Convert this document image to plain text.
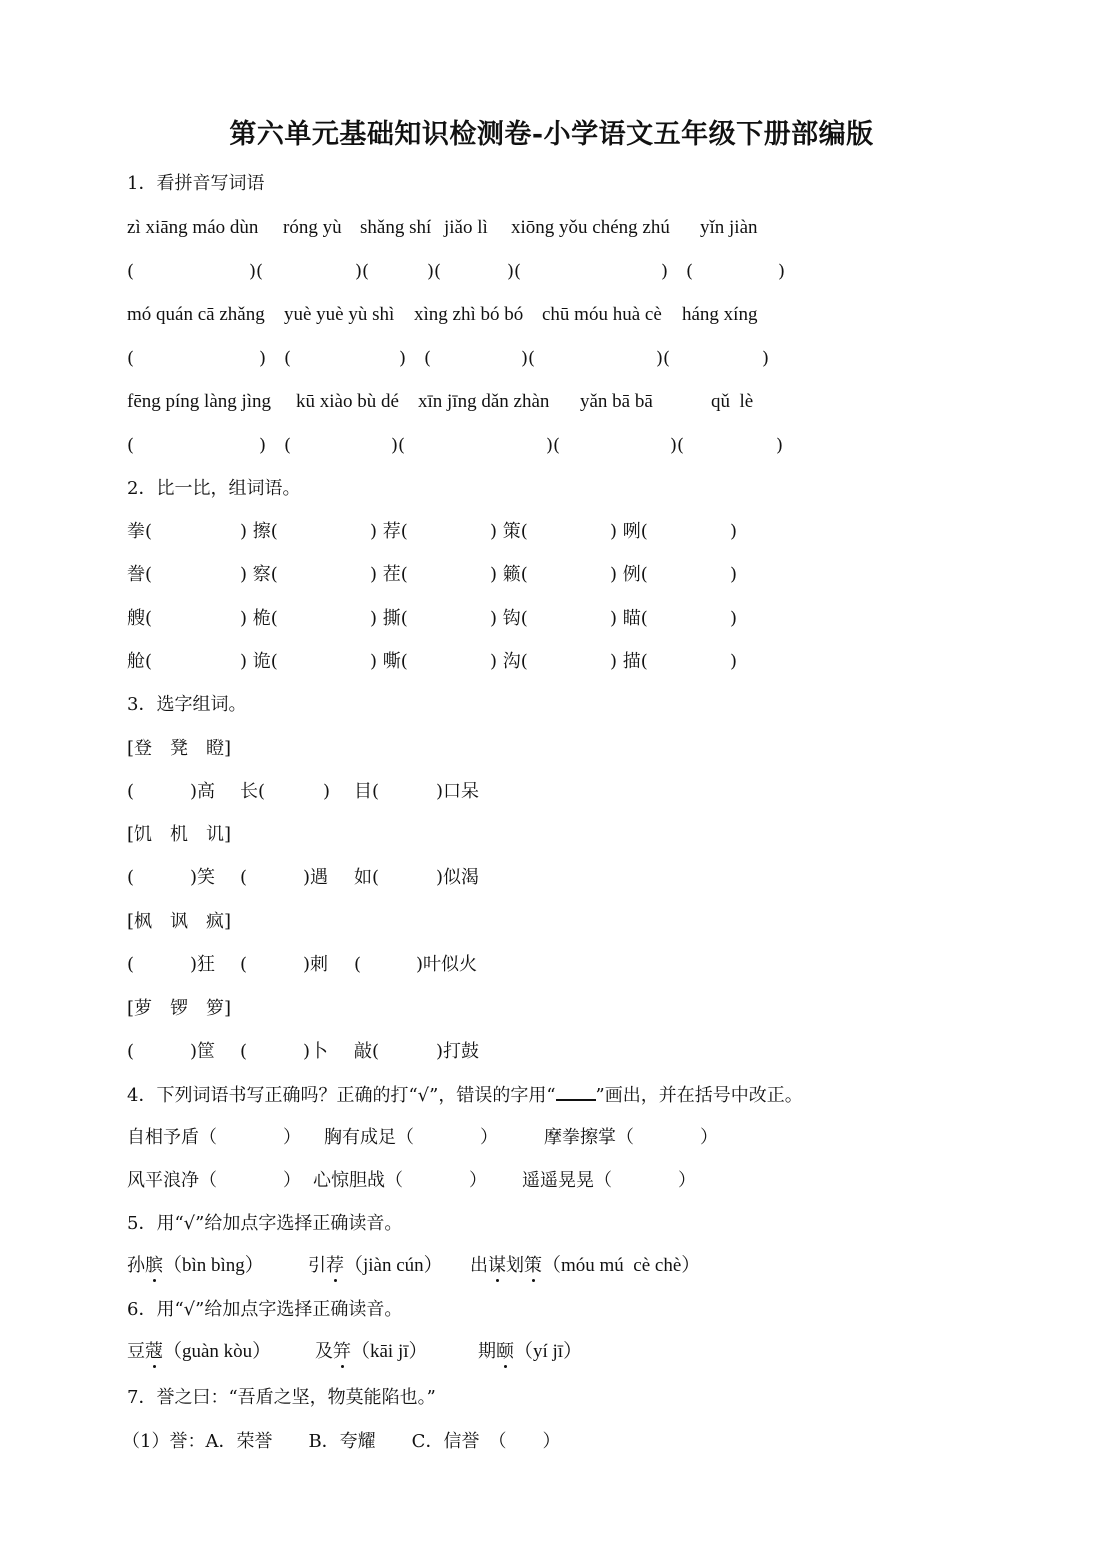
第六单元基础知识检测卷-小学语文五年级下册部编版
1．看拼音写词语
zì xiāng máo dùn róng yù shǎng shí jiǎo lì xiōng yǒu chéng zhú yǐn jiàn
(	)(	)(	)(	)(	)　(	)
mó quán cā zhǎng yuè yuè yù shì xìng zhì bó bó chū móu huà cè háng xíng
(	)　(	)　(	)(	)(	)
fēng píng làng jìng kū xiào bù dé xīn jīng dǎn zhàn yǎn bā bā	qǔ  lè
(	)　(	)(	)(	)(	)
2．比一比，组词语。
拳(	) 擦(	) 荐(	) 策(	) 咧(	)
誊(	) 察(	) 茬(	) 籁(	) 例(	)
艘(	) 桅(	) 撕(	) 钩(	) 瞄(	)
舱(	) 诡(	) 嘶(	) 沟(	) 描(	)
3．选字组词。
[登　凳　瞪]
(	)高 长(	) 目(	)口呆
[饥　机　讥]
(	)笑 (	)遇 如(	)似渴
[枫　讽　疯]
(	)狂 (	)刺 (	)叶似火
[萝　锣　箩]
(	)筐 (	)卜 敲(	)打鼓
4．下列词语书写正确吗？正确的打“√”，错误的字用“ ”画出，并在括号中改正。
自相予盾（	） 胸有成足（	）	摩拳擦掌（	）
风平浪净（	） 心惊胆战（	） 遥遥晃晃（	）
5．用“√”给加点字选择正确读音。
孙膑（bìn bìng） 引荐（jiàn cún） 出谋划策（móu mú  cè chè）
6．用“√”给加点字选择正确读音。
豆蔻（guàn kòu） 及笄（kāi jī）	期颐（yí jī）
7．誉之曰：“吾盾之坚，物莫能陷也。”
（1）誉：A．荣誉　　B．夸耀　　C．信誉　（　　）
